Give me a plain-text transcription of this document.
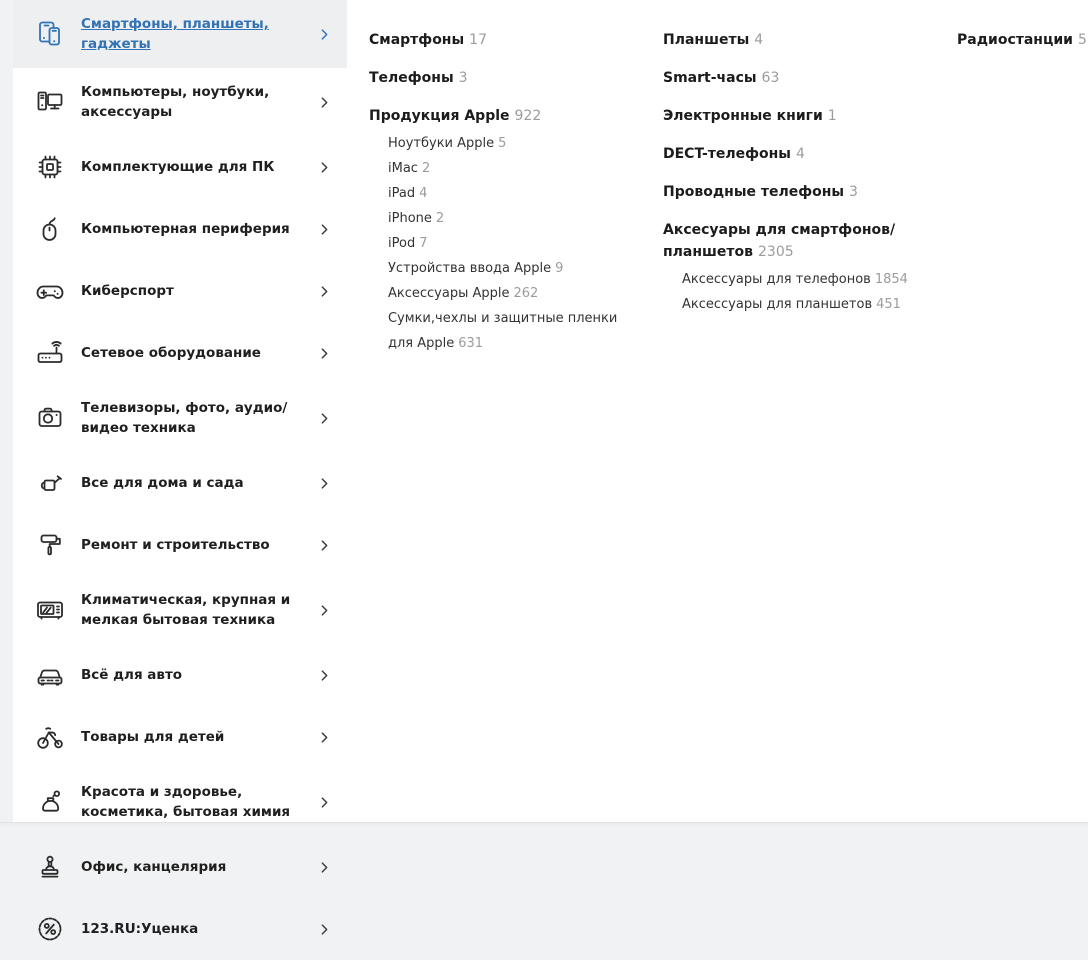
Смартфоны, планшеты, гаджеты
Компьютеры, ноутбуки, аксессуары
Комплектующие для ПК
Компьютерная периферия
Киберспорт
Сетевое оборудование
Телевизоры, фото, аудио/видео техника
Все для дома и сада
Ремонт и строительство
Климатическая, крупная и мелкая бытовая техника
Всё для авто
Товары для детей
Красота и здоровье, косметика, бытовая химия
Офис, канцелярия
123.RU:Уценка
Смартфоны 17
Телефоны 3
Продукция Apple 922
Ноутбуки Apple 5
iMac 2
iPad 4
iPhone 2
iPod 7
Устройства ввода Apple 9
Аксессуары Apple 262
Сумки,чехлы и защитные пленки для Apple 631
Планшеты 4
Smart-часы 63
Электронные книги 1
DECT-телефоны 4
Проводные телефоны 3
Аксесуары для смартфонов/планшетов 2305
Аксессуары для телефонов 1854
Аксессуары для планшетов 451
Радиостанции 5
